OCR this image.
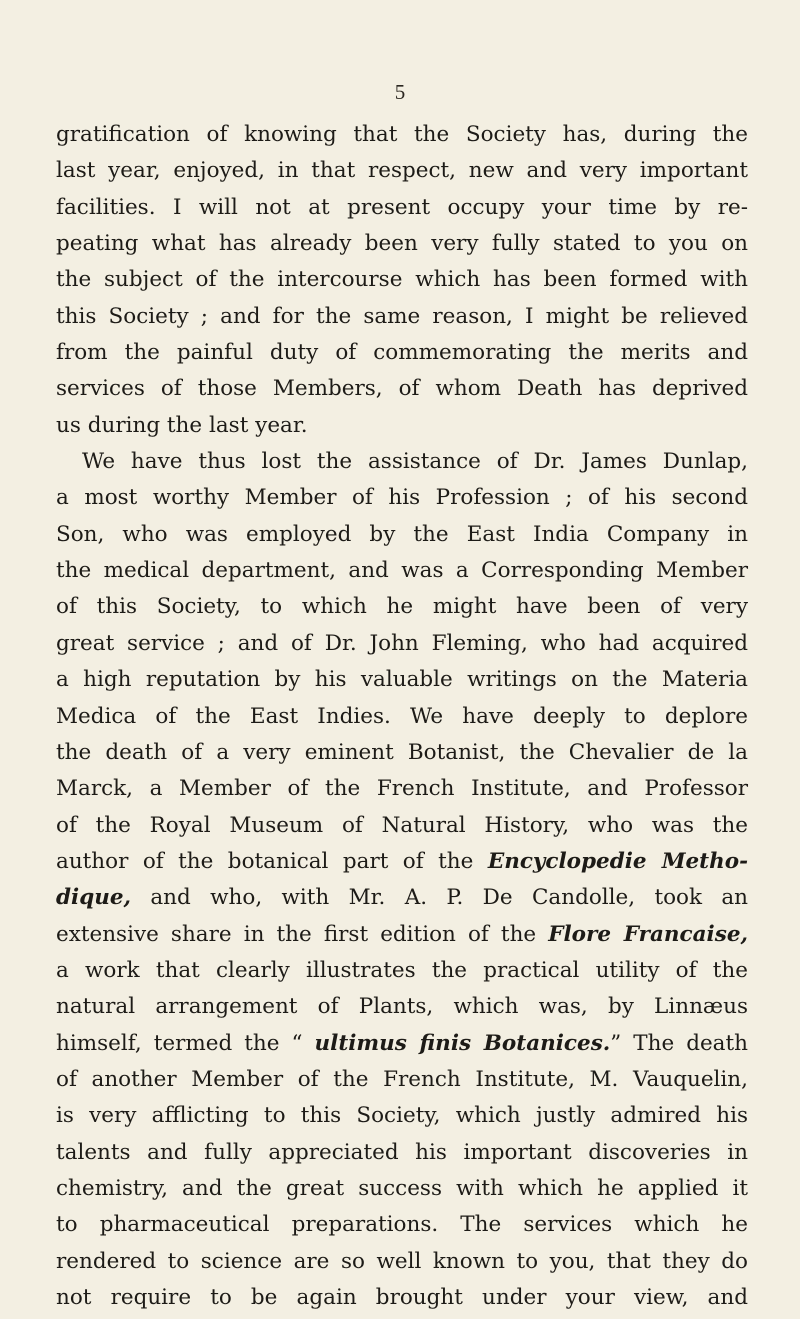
5
gratification of knowing that the Society has, during the
last year, enjoyed, in that respect, new and very important
facilities. I will not at present occupy your time by re-
peating what has already been very fully stated to you on
the subject of the intercourse which has been formed with
this Society ; and for the same reason, I might be relieved
from the painful duty of commemorating the merits and
services of those Members, of whom Death has deprived
us during the last year.
We have thus lost the assistance of Dr. James Dunlap,
a most worthy Member of his Profession ; of his second
Son, who was employed by the East India Company in
the medical department, and was a Corresponding Member
of this Society, to which he might have been of very
great service ; and of Dr. John Fleming, who had acquired
a high reputation by his valuable writings on the Materia
Medica of the East Indies. We have deeply to deplore
the death of a very eminent Botanist, the Chevalier de la
Marck, a Member of the French Institute, and Professor
of the Royal Museum of Natural History, who was the
author of the botanical part of the Encyclopedie Metho-
dique, and who, with Mr. A. P. De Candolle, took an
extensive share in the first edition of the Flore Francaise,
a work that clearly illustrates the practical utility of the
natural arrangement of Plants, which was, by Linnæus
himself, termed the “ ultimus finis Botanices.” The death
of another Member of the French Institute, M. Vauquelin,
is very afflicting to this Society, which justly admired his
talents and fully appreciated his important discoveries in
chemistry, and the great success with which he applied it
to pharmaceutical preparations. The services which he
rendered to science are so well known to you, that they do
not require to be again brought under your view, and
